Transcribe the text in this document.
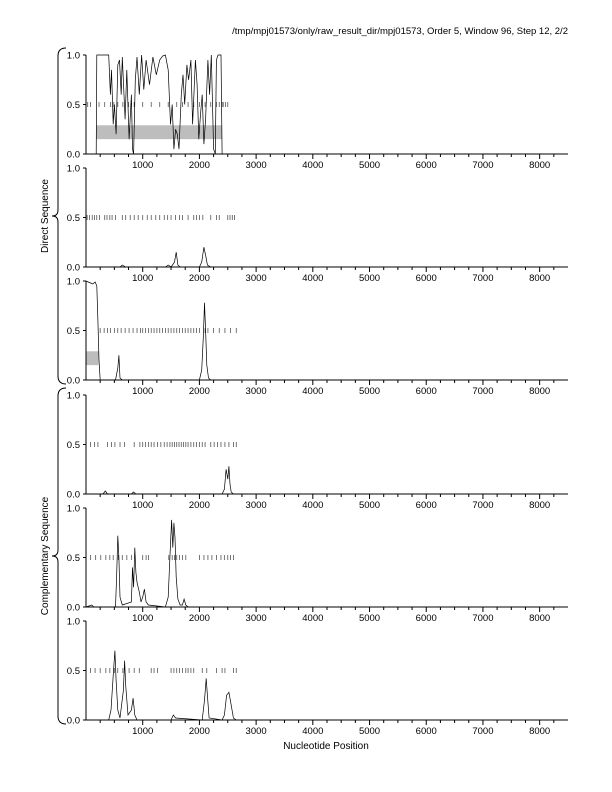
/tmp/mpj01573/only/raw_result_dir/mpj01573, Order 5, Window 96, Step 12, 2/2
0.0
0.5
1.0
1000	2000	3000	4000	5000	6000	7000	8000
0.0
0.5
1.0
1000	2000	3000	4000	5000	6000	7000	8000
0.0
0.5
1.0
1000	2000	3000	4000	5000	6000	7000	8000
0.0
0.5
1.0
1000	2000	3000	4000	5000	6000	7000	8000
0.0
0.5
1.0
1000	2000	3000	4000	5000	6000	7000	8000
0.0
0.5
1.0
1000	2000	3000	4000	5000	6000	7000	8000
Direct Sequence
Complementary Sequence
Nucleotide Position
